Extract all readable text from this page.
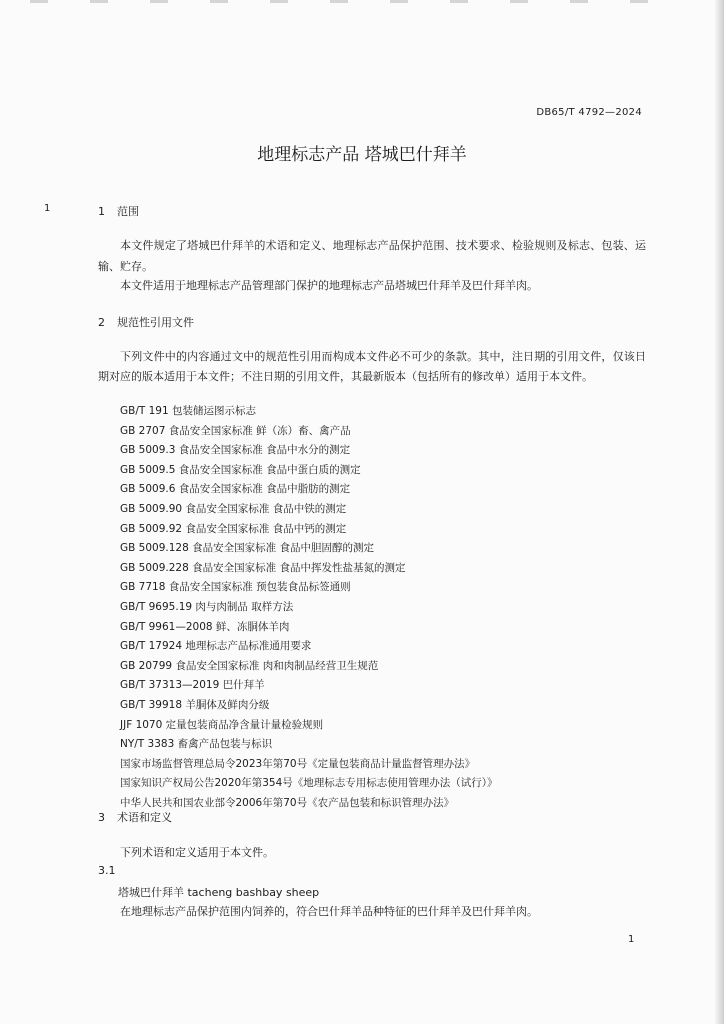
DB65/T 4792—2024
地理标志产品 塔城巴什拜羊
1	1 范围
本文件规定了塔城巴什拜羊的术语和定义、地理标志产品保护范围、技术要求、检验规则及标志、包装、运输、贮存。
本文件适用于地理标志产品管理部门保护的地理标志产品塔城巴什拜羊及巴什拜羊肉。
2 规范性引用文件
下列文件中的内容通过文中的规范性引用而构成本文件必不可少的条款。其中，注日期的引用文件，仅该日期对应的版本适用于本文件；不注日期的引用文件，其最新版本（包括所有的修改单）适用于本文件。
GB/T 191 包装储运图示标志
GB 2707 食品安全国家标准 鲜（冻）畜、禽产品
GB 5009.3 食品安全国家标准 食品中水分的测定
GB 5009.5 食品安全国家标准 食品中蛋白质的测定
GB 5009.6 食品安全国家标准 食品中脂肪的测定
GB 5009.90 食品安全国家标准 食品中铁的测定
GB 5009.92 食品安全国家标准 食品中钙的测定
GB 5009.128 食品安全国家标准 食品中胆固醇的测定
GB 5009.228 食品安全国家标准 食品中挥发性盐基氮的测定
GB 7718 食品安全国家标准 预包装食品标签通则
GB/T 9695.19 肉与肉制品 取样方法
GB/T 9961—2008 鲜、冻胴体羊肉
GB/T 17924 地理标志产品标准通用要求
GB 20799 食品安全国家标准 肉和肉制品经营卫生规范
GB/T 37313—2019 巴什拜羊
GB/T 39918 羊胴体及鲜肉分级
JJF 1070 定量包装商品净含量计量检验规则
NY/T 3383 畜禽产品包装与标识
国家市场监督管理总局令2023年第70号《定量包装商品计量监督管理办法》
国家知识产权局公告2020年第354号《地理标志专用标志使用管理办法（试行）》
中华人民共和国农业部令2006年第70号《农产品包装和标识管理办法》
3 术语和定义
下列术语和定义适用于本文件。
3.1
塔城巴什拜羊 tacheng bashbay sheep
在地理标志产品保护范围内饲养的，符合巴什拜羊品种特征的巴什拜羊及巴什拜羊肉。
1
